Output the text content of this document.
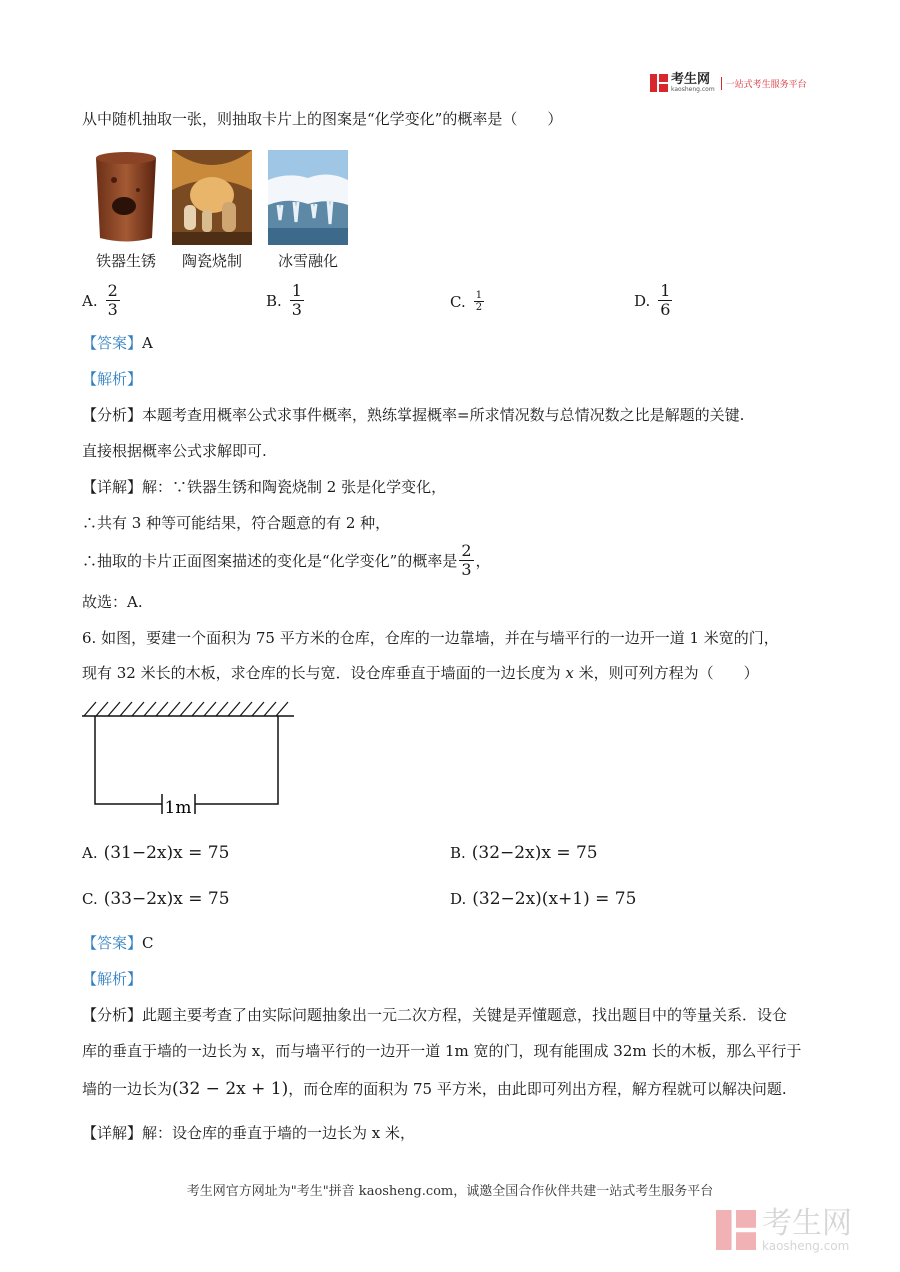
考生网
kaosheng.com	一站式考生服务平台
从中随机抽取一张，则抽取卡片上的图案是“化学变化”的概率是（　　）
铁器生锈	陶瓷烧制	冰雪融化
A. $\frac{2}{3}$	B. $\frac{1}{3}$	C. $\frac{1}{2}$	D. $\frac{1}{6}$
【答案】A
【解析】
【分析】本题考查用概率公式求事件概率，熟练掌握概率=所求情况数与总情况数之比是解题的关键.
直接根据概率公式求解即可.
【详解】解：∵铁器生锈和陶瓷烧制 2 张是化学变化，
∴共有 3 种等可能结果，符合题意的有 2 种，
∴抽取的卡片正面图案描述的变化是“化学变化”的概率是 $\frac{2}{3}$ ，
故选：A.
6. 如图，要建一个面积为 75 平方米的仓库，仓库的一边靠墙，并在与墙平行的一边开一道 1 米宽的门，
现有 32 米长的木板，求仓库的长与宽．设仓库垂直于墙面的一边长度为 x 米，则可列方程为（　　）
1m
A. (31−2x)x = 75	B. (32−2x)x = 75
C. (33−2x)x = 75	D. (32−2x)(x+1) = 75
【答案】C
【解析】
【分析】此题主要考查了由实际问题抽象出一元二次方程，关键是弄懂题意，找出题目中的等量关系．设仓
库的垂直于墙的一边长为 x，而与墙平行的一边开一道 1m 宽的门，现有能围成 32m 长的木板，那么平行于
墙的一边长为(32 − 2x + 1)，而仓库的面积为 75 平方米，由此即可列出方程，解方程就可以解决问题.
【详解】解：设仓库的垂直于墙的一边长为 x 米，
考生网官方网址为"考生"拼音 kaosheng.com，诚邀全国合作伙伴共建一站式考生服务平台
考生网
kaosheng.com
